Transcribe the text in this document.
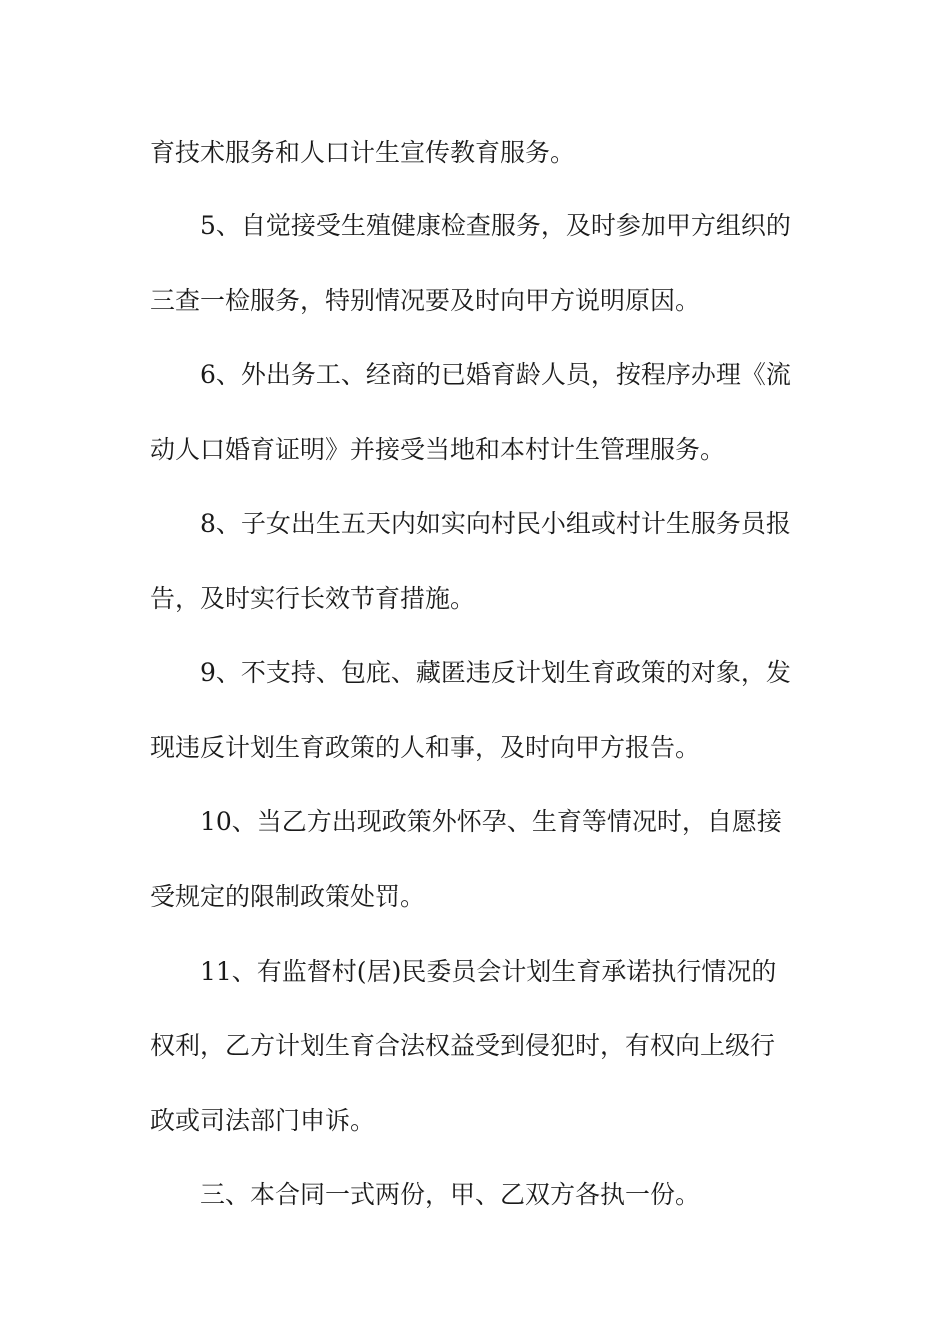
育技术服务和人口计生宣传教育服务。
5、自觉接受生殖健康检查服务，及时参加甲方组织的
三查一检服务，特别情况要及时向甲方说明原因。
6、外出务工、经商的已婚育龄人员，按程序办理《流
动人口婚育证明》并接受当地和本村计生管理服务。
8、子女出生五天内如实向村民小组或村计生服务员报
告，及时实行长效节育措施。
9、不支持、包庇、藏匿违反计划生育政策的对象，发
现违反计划生育政策的人和事，及时向甲方报告。
10、当乙方出现政策外怀孕、生育等情况时，自愿接
受规定的限制政策处罚。
11、有监督村(居)民委员会计划生育承诺执行情况的
权利，乙方计划生育合法权益受到侵犯时，有权向上级行
政或司法部门申诉。
三、本合同一式两份，甲、乙双方各执一份。
